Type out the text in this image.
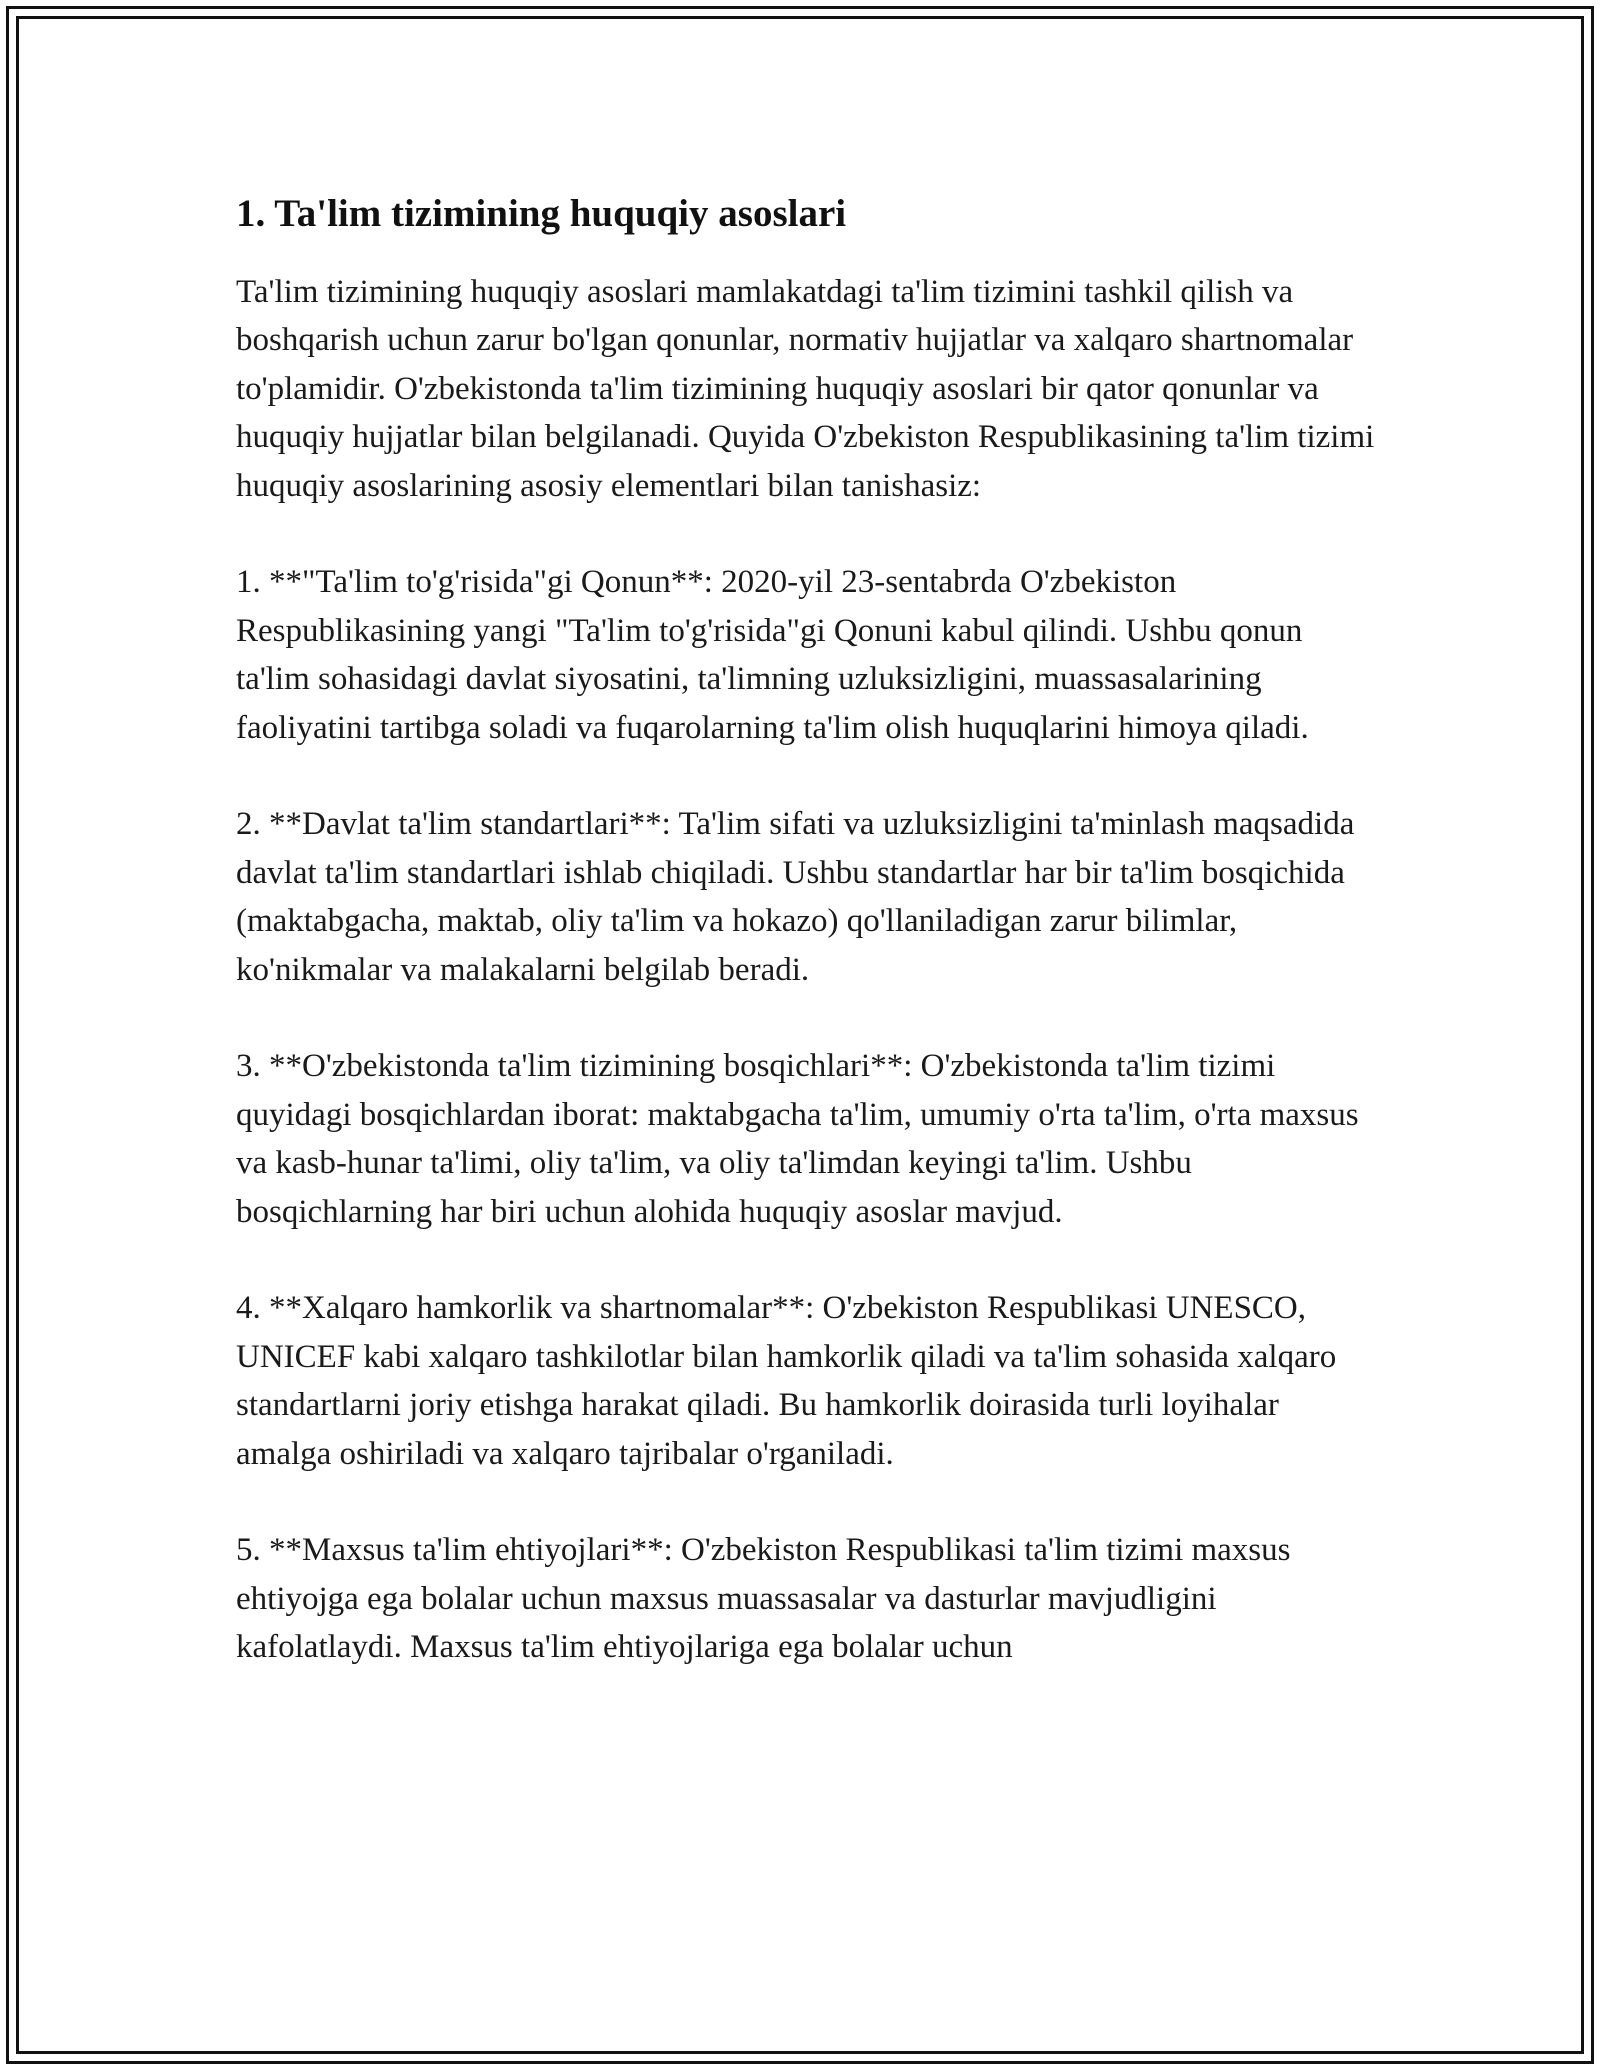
1. Ta'lim tizimining huquqiy asoslari

Ta'lim tizimining huquqiy asoslari mamlakatdagi ta'lim tizimini tashkil qilish va boshqarish uchun zarur bo'lgan qonunlar, normativ hujjatlar va xalqaro shartnomalar to'plamidir. O'zbekistonda ta'lim tizimining huquqiy asoslari bir qator qonunlar va huquqiy hujjatlar bilan belgilanadi. Quyida O'zbekiston Respublikasining ta'lim tizimi huquqiy asoslarining asosiy elementlari bilan tanishasiz:

1. **"Ta'lim to'g'risida"gi Qonun**: 2020-yil 23-sentabrda O'zbekiston Respublikasining yangi "Ta'lim to'g'risida"gi Qonuni kabul qilindi. Ushbu qonun ta'lim sohasidagi davlat siyosatini, ta'limning uzluksizligini, muassasalarining faoliyatini tartibga soladi va fuqarolarning ta'lim olish huquqlarini himoya qiladi.

2. **Davlat ta'lim standartlari**: Ta'lim sifati va uzluksizligini ta'minlash maqsadida davlat ta'lim standartlari ishlab chiqiladi. Ushbu standartlar har bir ta'lim bosqichida (maktabgacha, maktab, oliy ta'lim va hokazo) qo'llaniladigan zarur bilimlar, ko'nikmalar va malakalarni belgilab beradi.

3. **O'zbekistonda ta'lim tizimining bosqichlari**: O'zbekistonda ta'lim tizimi quyidagi bosqichlardan iborat: maktabgacha ta'lim, umumiy o'rta ta'lim, o'rta maxsus va kasb-hunar ta'limi, oliy ta'lim, va oliy ta'limdan keyingi ta'lim. Ushbu bosqichlarning har biri uchun alohida huquqiy asoslar mavjud.

4. **Xalqaro hamkorlik va shartnomalar**: O'zbekiston Respublikasi UNESCO, UNICEF kabi xalqaro tashkilotlar bilan hamkorlik qiladi va ta'lim sohasida xalqaro standartlarni joriy etishga harakat qiladi. Bu hamkorlik doirasida turli loyihalar amalga oshiriladi va xalqaro tajribalar o'rganiladi.

5. **Maxsus ta'lim ehtiyojlari**: O'zbekiston Respublikasi ta'lim tizimi maxsus ehtiyojga ega bolalar uchun maxsus muassasalar va dasturlar mavjudligini kafolatlaydi. Maxsus ta'lim ehtiyojlariga ega bolalar uchun
